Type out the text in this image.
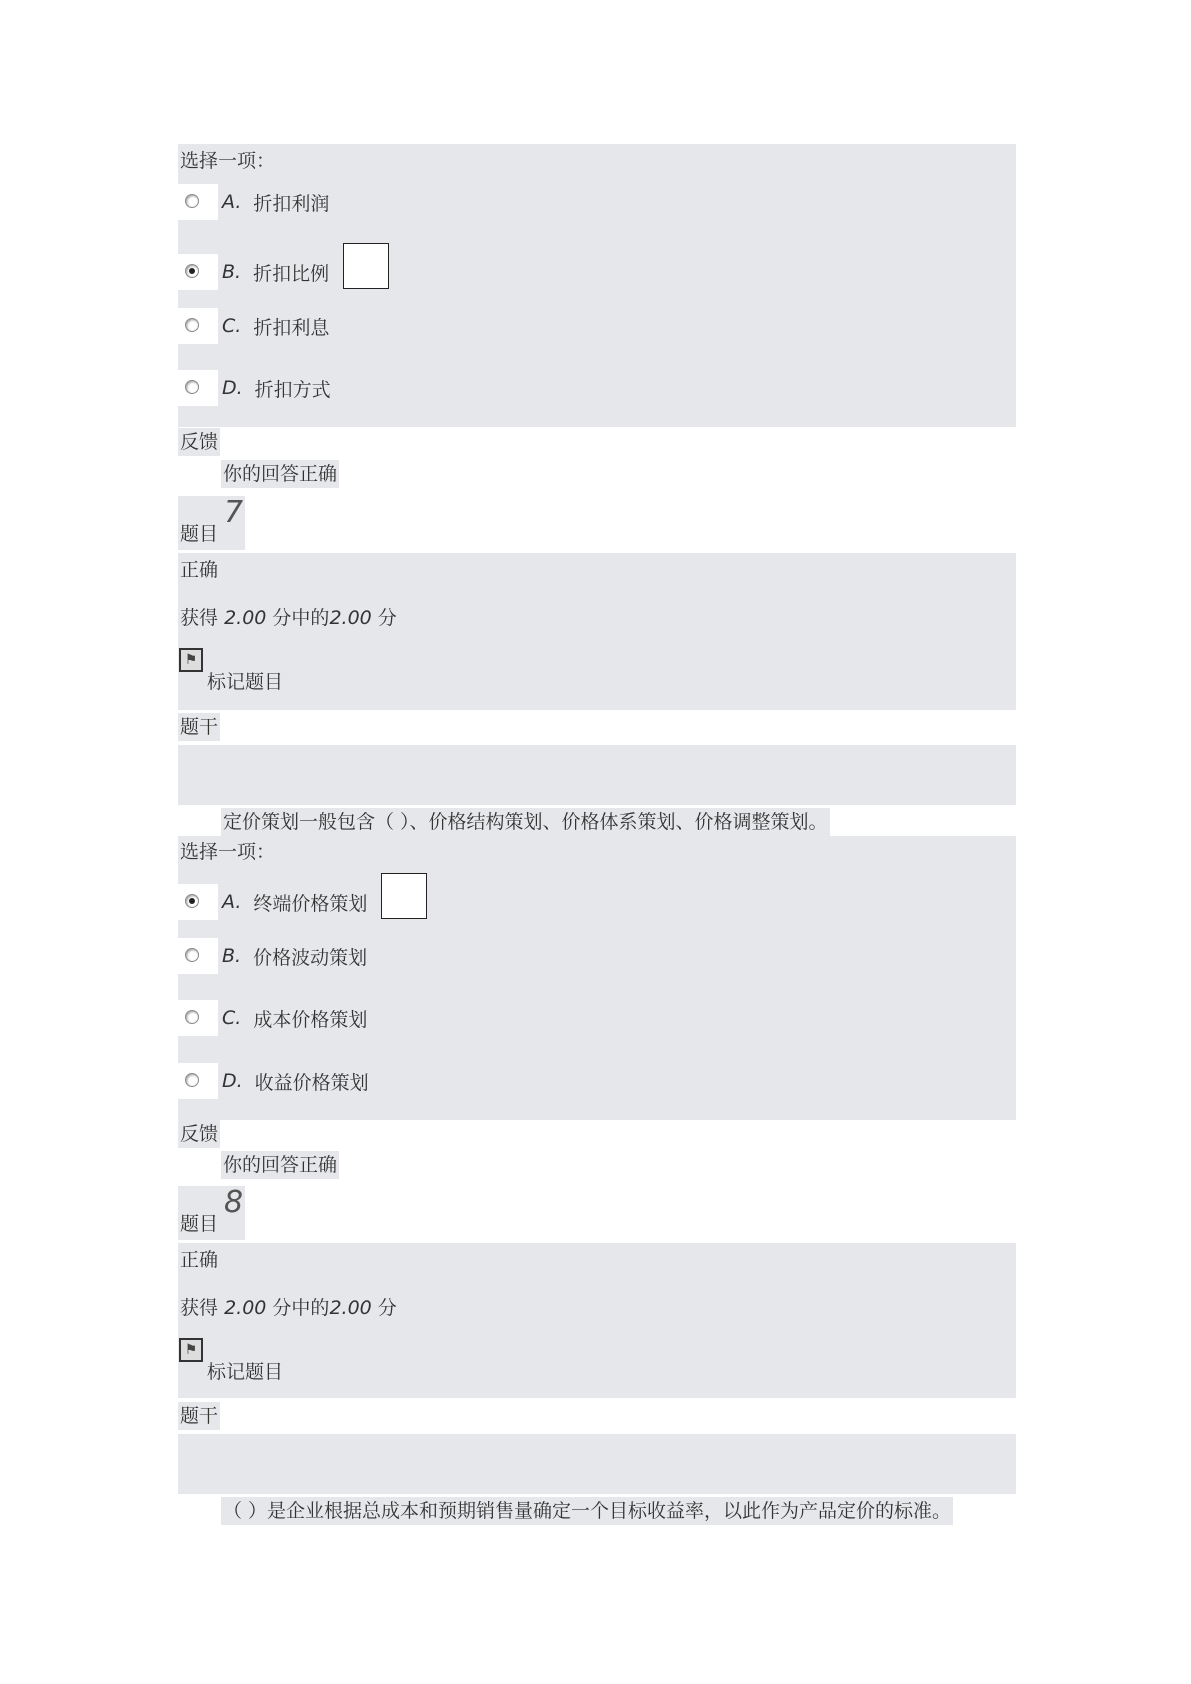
选择一项：
A. 折扣利润
B. 折扣比例
C. 折扣利息
D. 折扣方式
反馈
你的回答正确
题目7
正确
获得 2.00 分中的2.00 分
⚑
标记题目
题干
定价策划一般包含（ ）、价格结构策划、价格体系策划、价格调整策划。
选择一项：
A. 终端价格策划
B. 价格波动策划
C. 成本价格策划
D. 收益价格策划
反馈
你的回答正确
题目8
正确
获得 2.00 分中的2.00 分
⚑
标记题目
题干
（ ）是企业根据总成本和预期销售量确定一个目标收益率，以此作为产品定价的标准。
